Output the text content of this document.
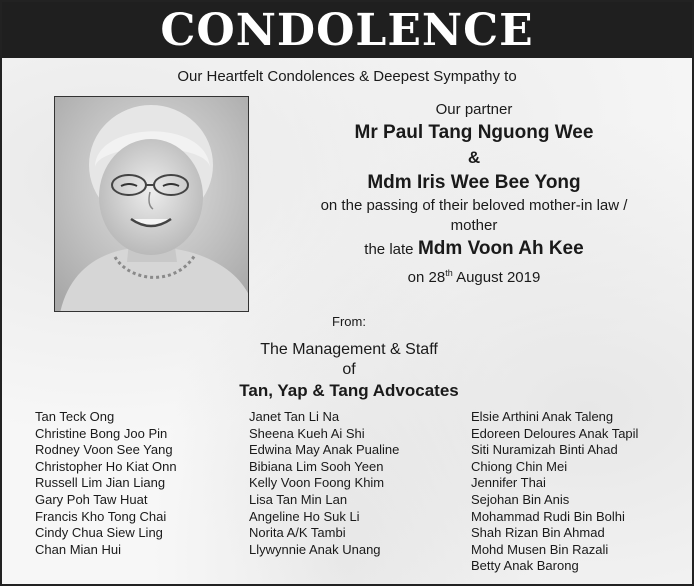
CONDOLENCE
Our Heartfelt Condolences & Deepest Sympathy to
Our partner
Mr Paul Tang Nguong Wee
&
Mdm Iris Wee Bee Yong
on the passing of their beloved mother-in law /
mother
the late Mdm Voon Ah Kee
on 28th August 2019
From:
The Management & Staff
of
Tan, Yap & Tang Advocates
Tan Teck Ong
Christine Bong Joo Pin
Rodney Voon See Yang
Christopher Ho Kiat Onn
Russell Lim Jian Liang
Gary Poh Taw Huat
Francis Kho Tong Chai
Cindy Chua Siew Ling
Chan Mian Hui
Janet Tan Li Na
Sheena Kueh Ai Shi
Edwina May Anak Pualine
Bibiana Lim Sooh Yeen
Kelly Voon Foong Khim
Lisa Tan Min Lan
Angeline Ho Suk Li
Norita A/K Tambi
Llywynnie Anak Unang
Elsie Arthini Anak Taleng
Edoreen Deloures Anak Tapil
Siti Nuramizah Binti Ahad
Chiong Chin Mei
Jennifer Thai
Sejohan Bin Anis
Mohammad Rudi Bin Bolhi
Shah Rizan Bin Ahmad
Mohd Musen Bin Razali
Betty Anak Barong
